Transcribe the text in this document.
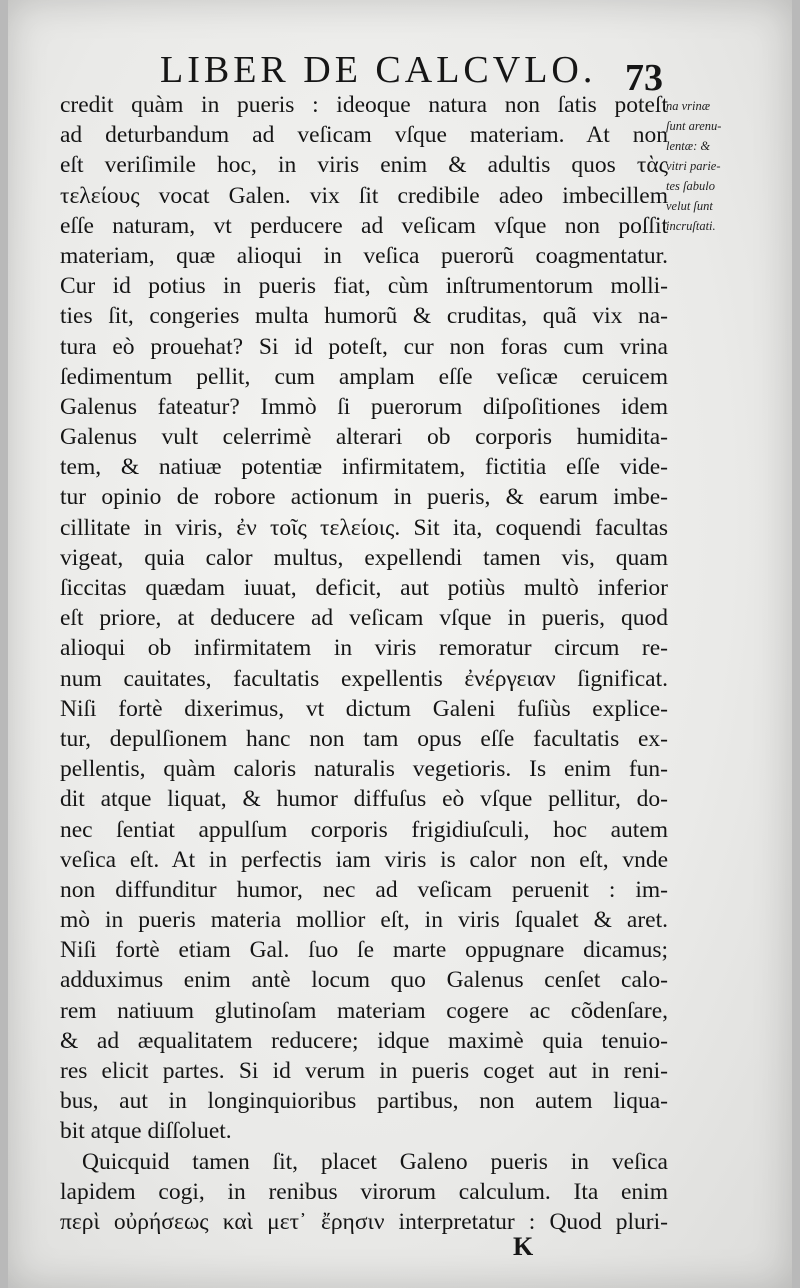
LIBER DE CALCVLO. 73
credit quàm in pueris : ideoque natura non ſatis poteſt
ad deturbandum ad veſicam vſque materiam. At non
eſt veriſimile hoc, in viris enim & adultis quos τὰς
τελείους vocat Galen. vix ſit credibile adeo imbecillem
eſſe naturam, vt perducere ad veſicam vſque non poſſit
materiam, quæ alioqui in veſica puerorũ coagmentatur.
Cur id potius in pueris fiat, cùm inſtrumentorum molli-
ties ſit, congeries multa humorũ & cruditas, quã vix na-
tura eò prouehat? Si id poteſt, cur non foras cum vrina
ſedimentum pellit, cum amplam eſſe veſicæ ceruicem
Galenus fateatur? Immò ſi puerorum diſpoſitiones idem
Galenus vult celerrimè alterari ob corporis humidita-
tem, & natiuæ potentiæ infirmitatem, fictitia eſſe vide-
tur opinio de robore actionum in pueris, & earum imbe-
cillitate in viris, ἐν τοῖς τελείοις. Sit ita, coquendi facultas
vigeat, quia calor multus, expellendi tamen vis, quam
ſiccitas quædam iuuat, deficit, aut potiùs multò inferior
eſt priore, at deducere ad veſicam vſque in pueris, quod
alioqui ob infirmitatem in viris remoratur circum re-
num cauitates, facultatis expellentis ἐνέργειαν ſignificat.
Niſi fortè dixerimus, vt dictum Galeni fuſiùs explice-
tur, depulſionem hanc non tam opus eſſe facultatis ex-
pellentis, quàm caloris naturalis vegetioris. Is enim fun-
dit atque liquat, & humor diffuſus eò vſque pellitur, do-
nec ſentiat appulſum corporis frigidiuſculi, hoc autem
veſica eſt. At in perfectis iam viris is calor non eſt, vnde
non diffunditur humor, nec ad veſicam peruenit : im-
mò in pueris materia mollior eſt, in viris ſqualet & aret.
Niſi fortè etiam Gal. ſuo ſe marte oppugnare dicamus;
adduximus enim antè locum quo Galenus cenſet calo-
rem natiuum glutinoſam materiam cogere ac cõdenſare,
& ad æqualitatem reducere; idque maximè quia tenuio-
res elicit partes. Si id verum in pueris coget aut in reni-
bus, aut in longinquioribus partibus, non autem liqua-
bit atque diſſoluet.
Quicquid tamen ſit, placet Galeno pueris in veſica
lapidem cogi, in renibus virorum calculum. Ita enim
περὶ οὐρήσεως καὶ μετ᾽ ἔρησιν interpretatur : Quod pluri-
na vrinæ
ſunt arenu-
lentæ: &
vitri parie-
tes ſabulo
velut ſunt
incruſtati.
K
